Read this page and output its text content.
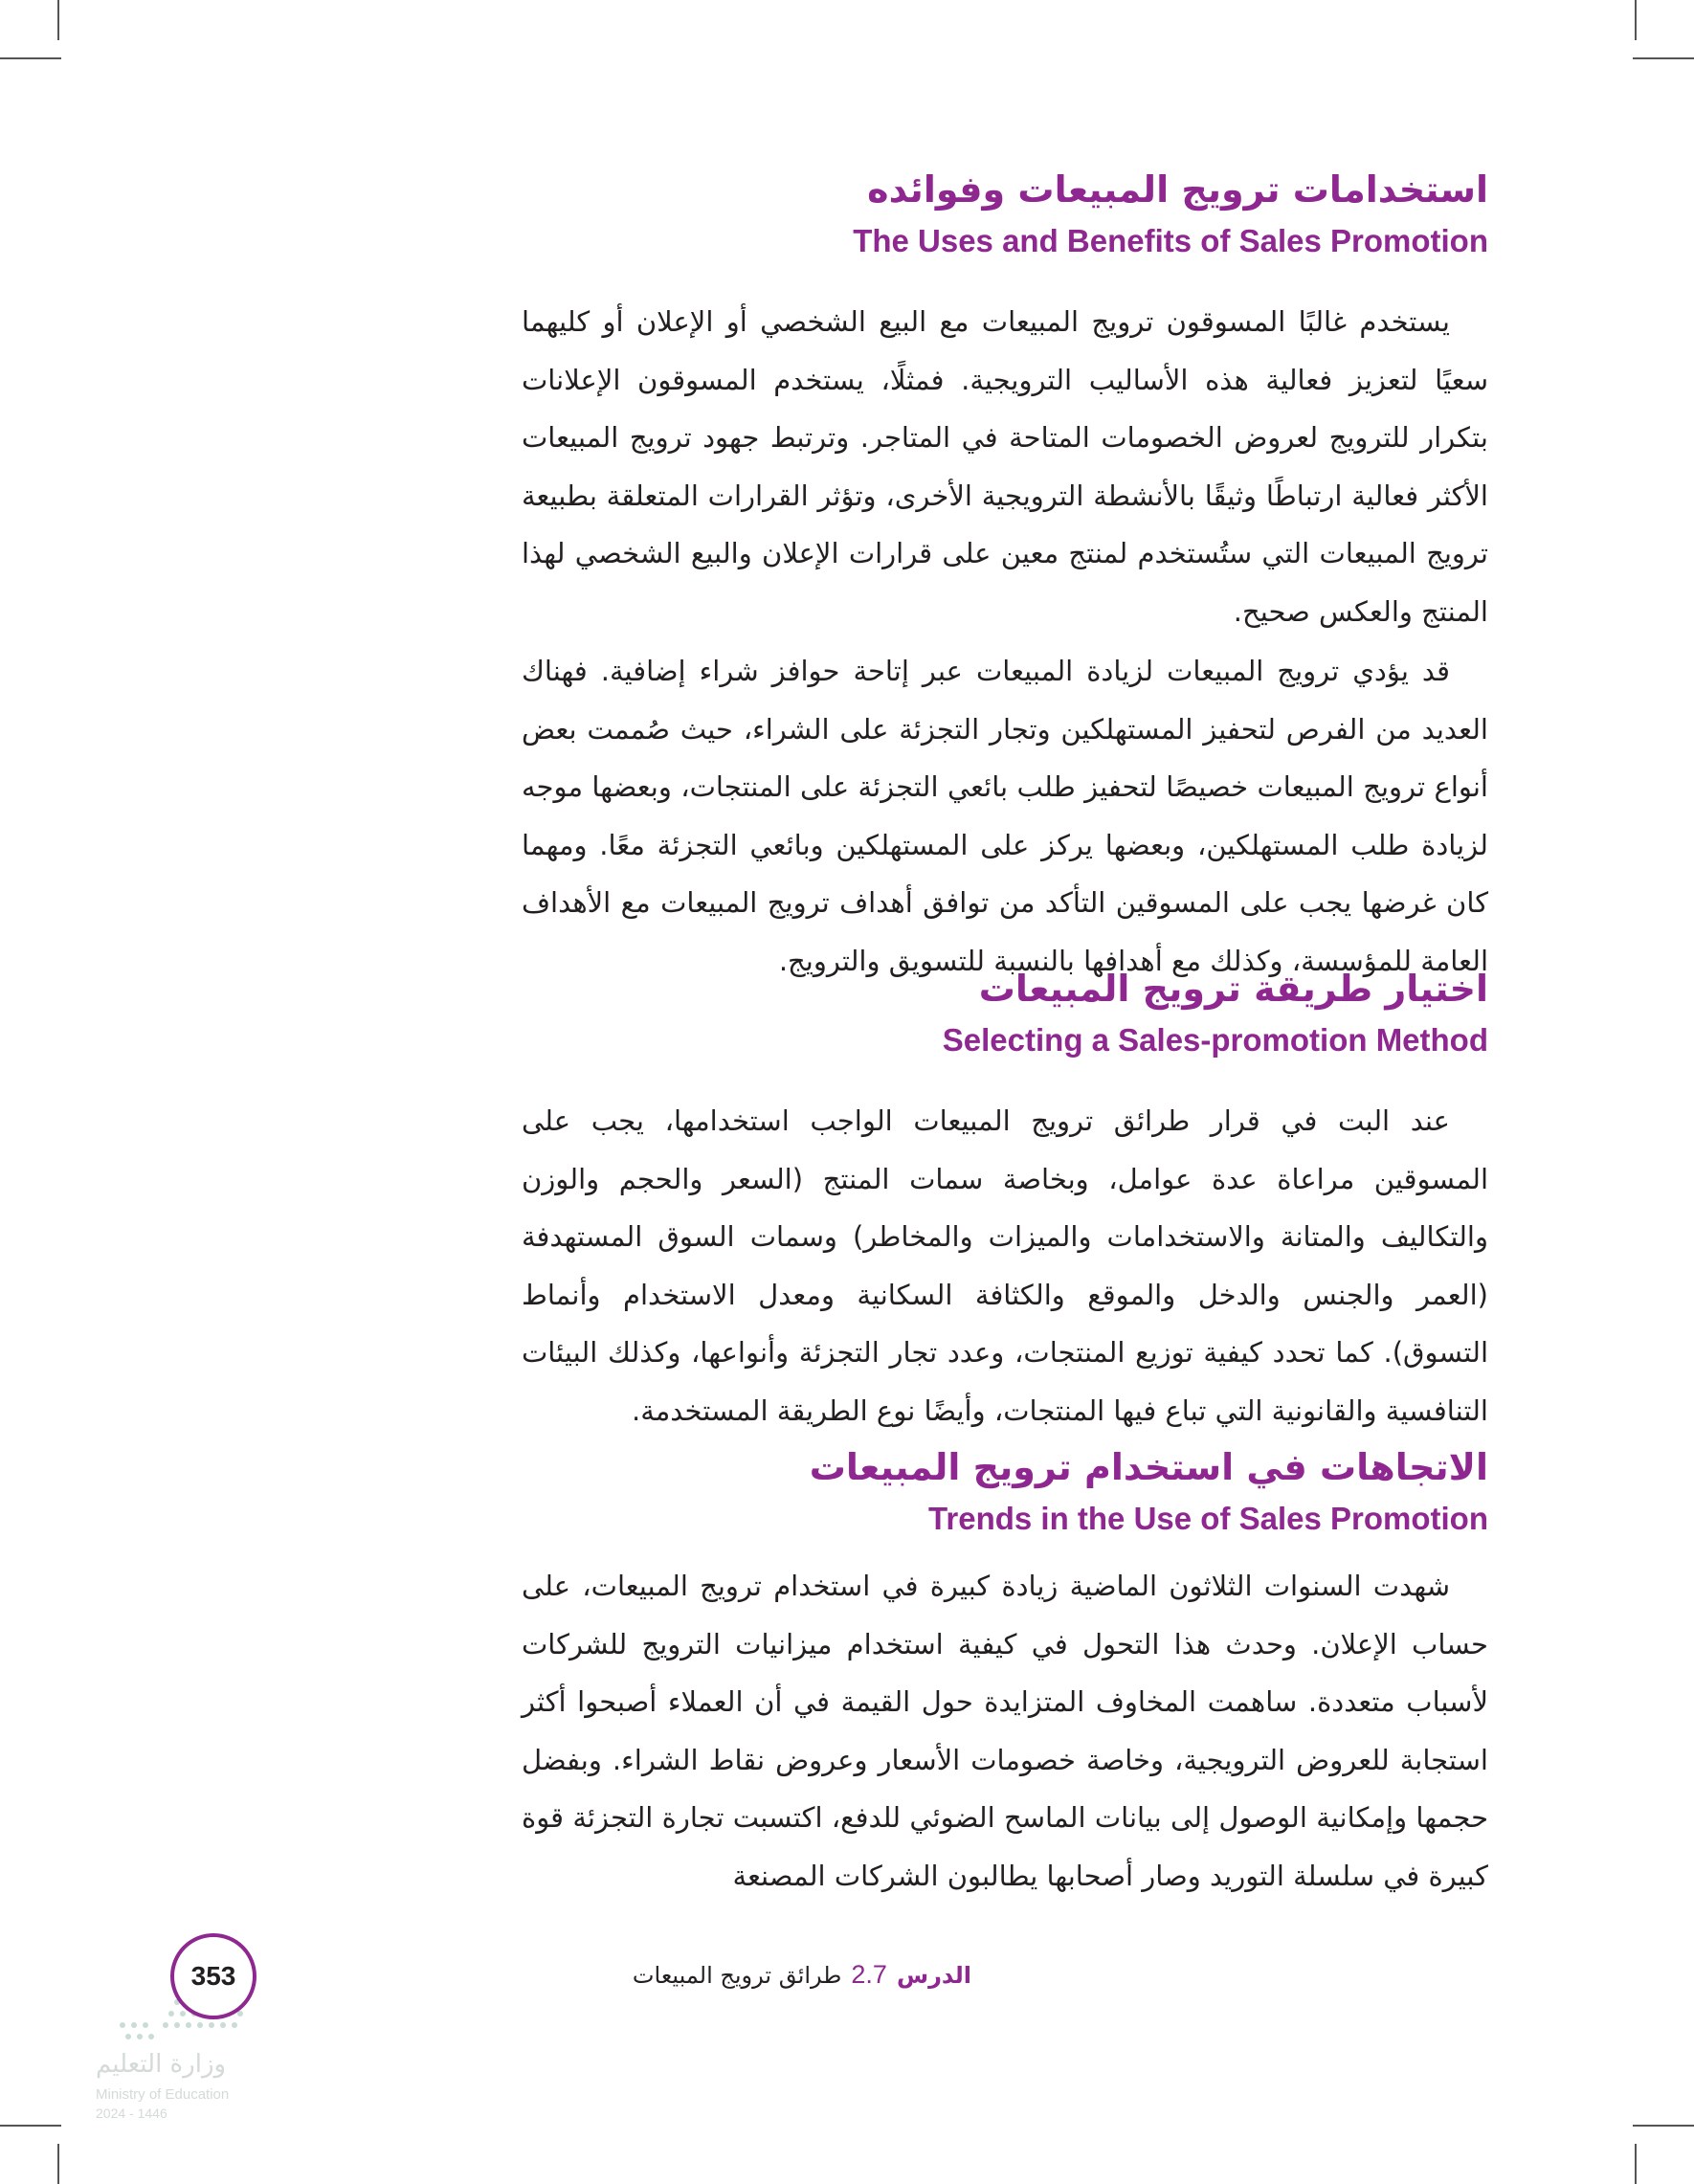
استخدامات ترويج المبيعات وفوائده
The Uses and Benefits of Sales Promotion

يستخدم غالبًا المسوقون ترويج المبيعات مع البيع الشخصي أو الإعلان أو كليهما سعيًا لتعزيز فعالية هذه الأساليب الترويجية. فمثلًا، يستخدم المسوقون الإعلانات بتكرار للترويج لعروض الخصومات المتاحة في المتاجر. وترتبط جهود ترويج المبيعات الأكثر فعالية ارتباطًا وثيقًا بالأنشطة الترويجية الأخرى، وتؤثر القرارات المتعلقة بطبيعة ترويج المبيعات التي ستُستخدم لمنتج معين على قرارات الإعلان والبيع الشخصي لهذا المنتج والعكس صحيح.

قد يؤدي ترويج المبيعات لزيادة المبيعات عبر إتاحة حوافز شراء إضافية. فهناك العديد من الفرص لتحفيز المستهلكين وتجار التجزئة على الشراء، حيث صُممت بعض أنواع ترويج المبيعات خصيصًا لتحفيز طلب بائعي التجزئة على المنتجات، وبعضها موجه لزيادة طلب المستهلكين، وبعضها يركز على المستهلكين وبائعي التجزئة معًا. ومهما كان غرضها يجب على المسوقين التأكد من توافق أهداف ترويج المبيعات مع الأهداف العامة للمؤسسة، وكذلك مع أهدافها بالنسبة للتسويق والترويج.

اختيار طريقة ترويج المبيعات
Selecting a Sales-promotion Method

عند البت في قرار طرائق ترويج المبيعات الواجب استخدامها، يجب على المسوقين مراعاة عدة عوامل، وبخاصة سمات المنتج (السعر والحجم والوزن والتكاليف والمتانة والاستخدامات والميزات والمخاطر) وسمات السوق المستهدفة (العمر والجنس والدخل والموقع والكثافة السكانية ومعدل الاستخدام وأنماط التسوق). كما تحدد كيفية توزيع المنتجات، وعدد تجار التجزئة وأنواعها، وكذلك البيئات التنافسية والقانونية التي تباع فيها المنتجات، وأيضًا نوع الطريقة المستخدمة.

الاتجاهات في استخدام ترويج المبيعات
Trends in the Use of Sales Promotion

شهدت السنوات الثلاثون الماضية زيادة كبيرة في استخدام ترويج المبيعات، على حساب الإعلان. وحدث هذا التحول في كيفية استخدام ميزانيات الترويج للشركات لأسباب متعددة. ساهمت المخاوف المتزايدة حول القيمة في أن العملاء أصبحوا أكثر استجابة للعروض الترويجية، وخاصة خصومات الأسعار وعروض نقاط الشراء. وبفضل حجمها وإمكانية الوصول إلى بيانات الماسح الضوئي للدفع، اكتسبت تجارة التجزئة قوة كبيرة في سلسلة التوريد وصار أصحابها يطالبون الشركات المصنعة

الدرس2.7طرائق ترويج المبيعات
وزارة التعليم
Ministry of Education
2024 - 1446
353
